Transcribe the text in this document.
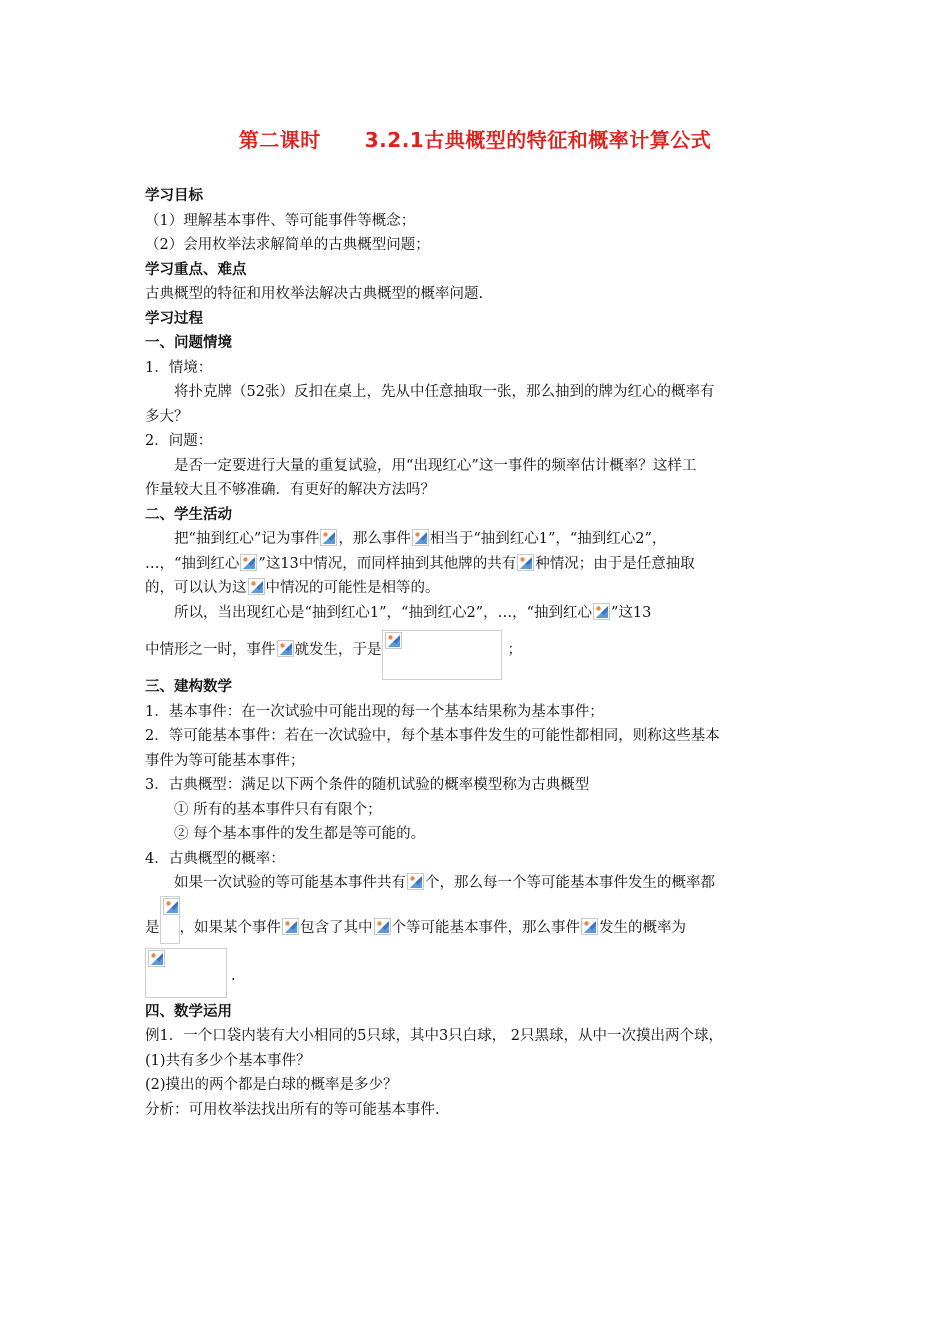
第二课时 3.2.1古典概型的特征和概率计算公式
学习目标
（1）理解基本事件、等可能事件等概念；
（2）会用枚举法求解简单的古典概型问题；
学习重点、难点
古典概型的特征和用枚举法解决古典概型的概率问题.
学习过程
一、问题情境
1．情境：
将扑克牌（52张）反扣在桌上，先从中任意抽取一张，那么抽到的牌为红心的概率有
多大？
2．问题：
是否一定要进行大量的重复试验，用“出现红心”这一事件的频率估计概率？这样工
作量较大且不够准确．有更好的解决方法吗？
二、学生活动
把“抽到红心”记为事件 ，那么事件 相当于“抽到红心1”，“抽到红心2”，
…，“抽到红心 ”这13中情况，而同样抽到其他牌的共有 种情况；由于是任意抽取
的，可以认为这 中情况的可能性是相等的。
所以，当出现红心是“抽到红心1”，“抽到红心2”，…，“抽到红心 ”这13
中情形之一时，事件 就发生，于是	；
三、建构数学
1．基本事件：在一次试验中可能出现的每一个基本结果称为基本事件；
2．等可能基本事件：若在一次试验中，每个基本事件发生的可能性都相同，则称这些基本
事件为等可能基本事件；
3．古典概型：满足以下两个条件的随机试验的概率模型称为古典概型
① 所有的基本事件只有有限个；
② 每个基本事件的发生都是等可能的。
4．古典概型的概率：
如果一次试验的等可能基本事件共有 个，那么每一个等可能基本事件发生的概率都
是 ，如果某个事件 包含了其中 个等可能基本事件，那么事件 发生的概率为
.
四、数学运用
例1．一个口袋内装有大小相同的5只球，其中3只白球， 2只黑球，从中一次摸出两个球，
(1)共有多少个基本事件？
(2)摸出的两个都是白球的概率是多少？
分析：可用枚举法找出所有的等可能基本事件.
